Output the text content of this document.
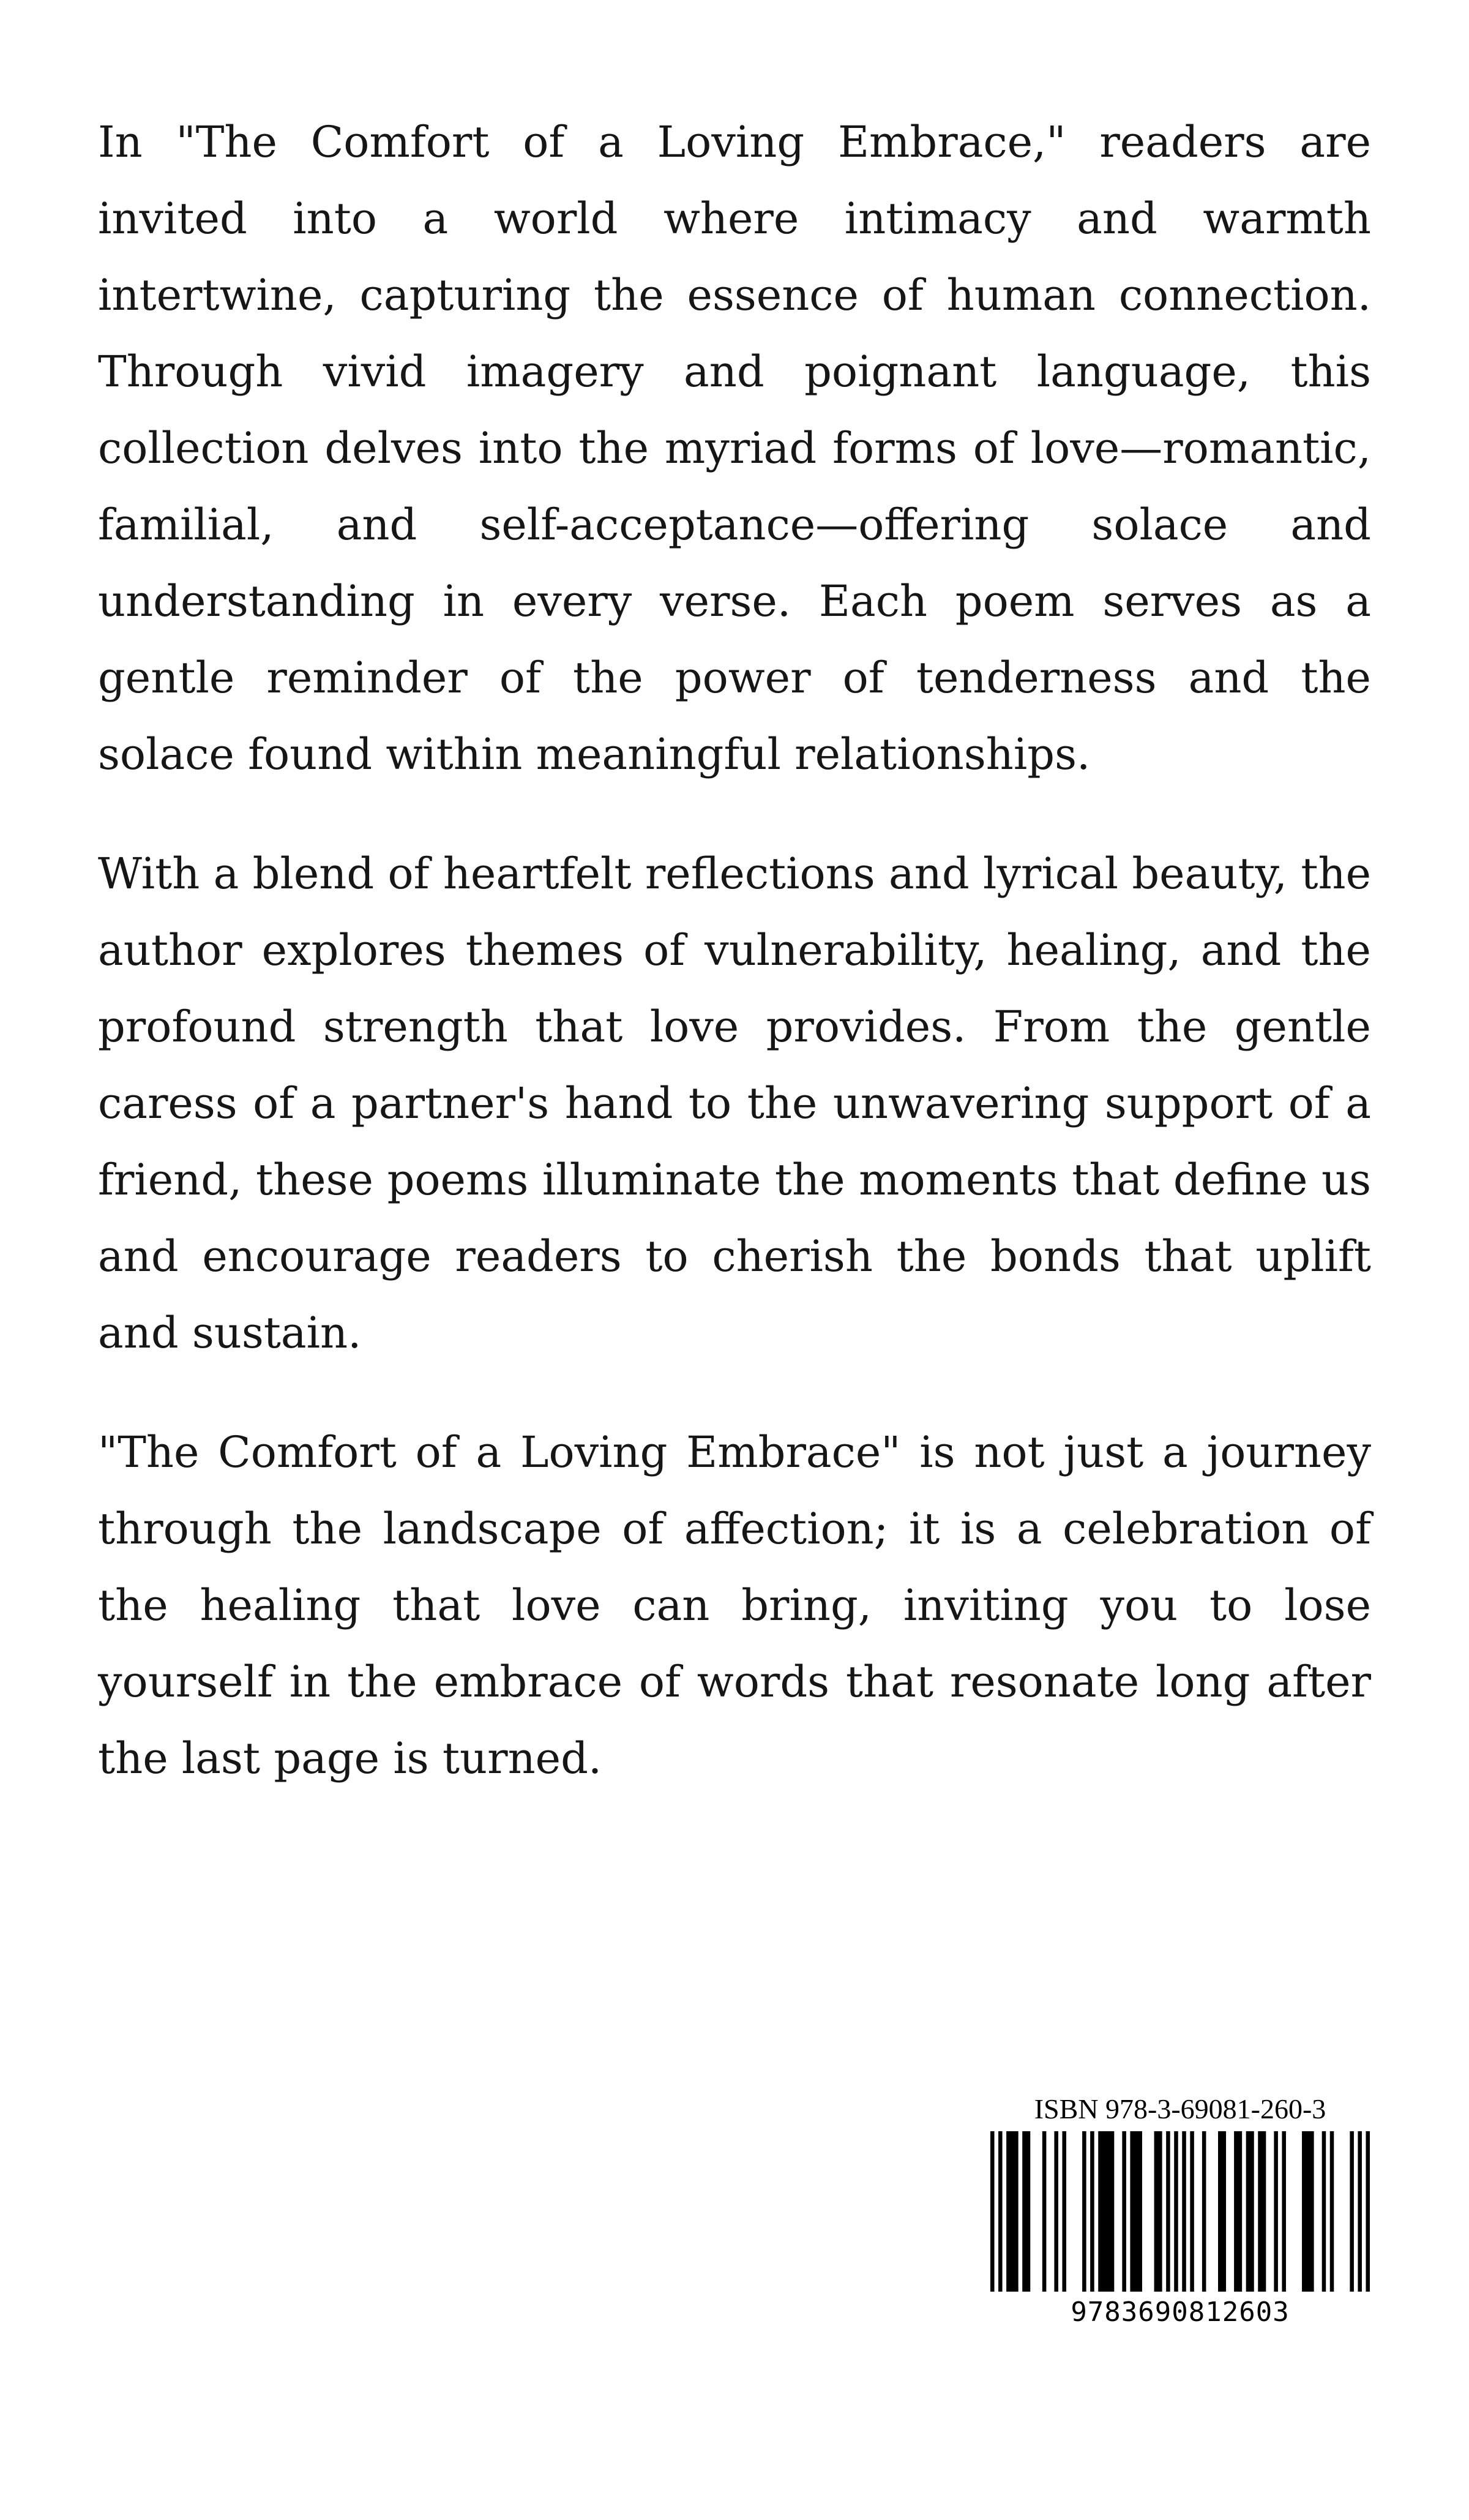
In "The Comfort of a Loving Embrace," readers are invited into a world where intimacy and warmth intertwine, capturing the essence of human connection. Through vivid imagery and poignant language, this collection delves into the myriad forms of love—romantic, familial, and self-acceptance—offering solace and understanding in every verse. Each poem serves as a gentle reminder of the power of tenderness and the solace found within meaningful relationships.

With a blend of heartfelt reflections and lyrical beauty, the author explores themes of vulnerability, healing, and the profound strength that love provides. From the gentle caress of a partner's hand to the unwavering support of a friend, these poems illuminate the moments that define us and encourage readers to cherish the bonds that uplift and sustain.

"The Comfort of a Loving Embrace" is not just a journey through the landscape of affection; it is a celebration of the healing that love can bring, inviting you to lose yourself in the embrace of words that resonate long after the last page is turned.

ISBN 978-3-69081-260-3
9783690812603
